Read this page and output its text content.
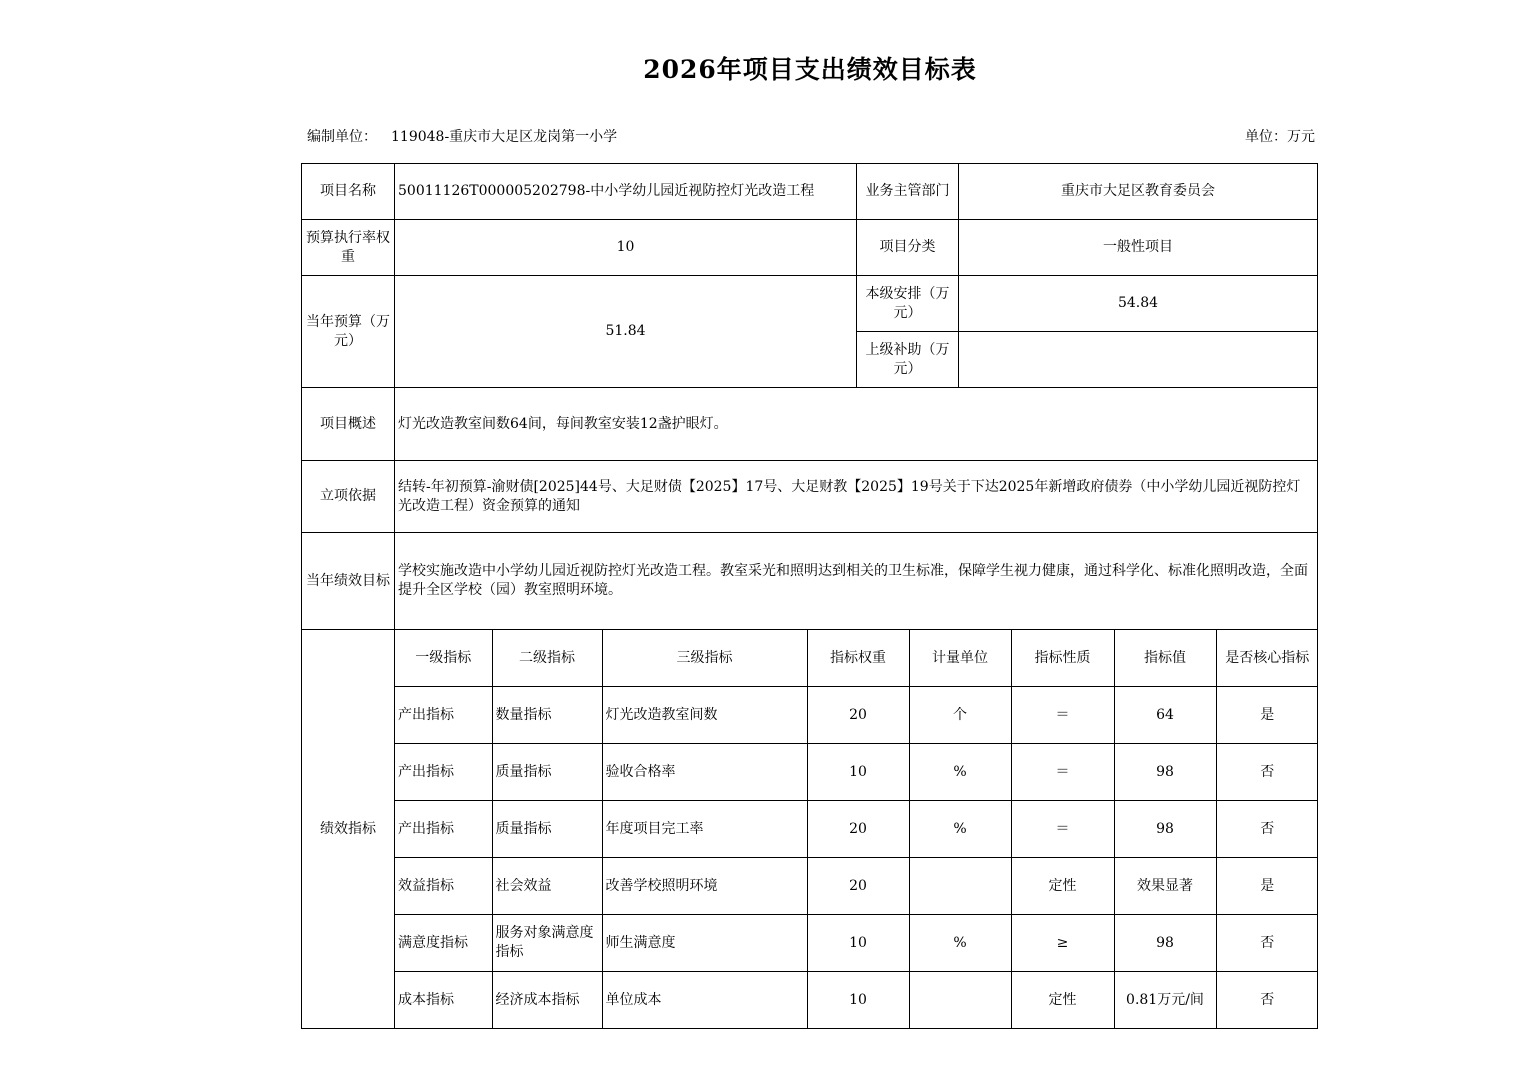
2026年项目支出绩效目标表
编制单位： 119048-重庆市大足区龙岗第一小学	单位：万元
项目名称	50011126T000005202798-中小学幼儿园近视防控灯光改造工程	业务主管部门	重庆市大足区教育委员会
预算执行率权重	10	项目分类	一般性项目
当年预算（万元）	51.84	本级安排（万元）	54.84
上级补助（万元）	
项目概述	灯光改造教室间数64间，每间教室安装12盏护眼灯。
立项依据	结转-年初预算-渝财债[2025]44号、大足财债【2025】17号、大足财教【2025】19号关于下达2025年新增政府债券（中小学幼儿园近视防控灯光改造工程）资金预算的通知
当年绩效目标	学校实施改造中小学幼儿园近视防控灯光改造工程。教室采光和照明达到相关的卫生标准，保障学生视力健康，通过科学化、标准化照明改造，全面提升全区学校（园）教室照明环境。
绩效指标	
一级指标	二级指标	三级指标	指标权重	计量单位	指标性质	指标值	是否核心指标
产出指标	数量指标	灯光改造教室间数	20	个	＝	64	是
产出指标	质量指标	验收合格率	10	%	＝	98	否
产出指标	质量指标	年度项目完工率	20	%	＝	98	否
效益指标	社会效益	改善学校照明环境	20		定性	效果显著	是
满意度指标	服务对象满意度指标	师生满意度	10	%	≥	98	否
成本指标	经济成本指标	单位成本	10		定性	0.81万元/间	否
